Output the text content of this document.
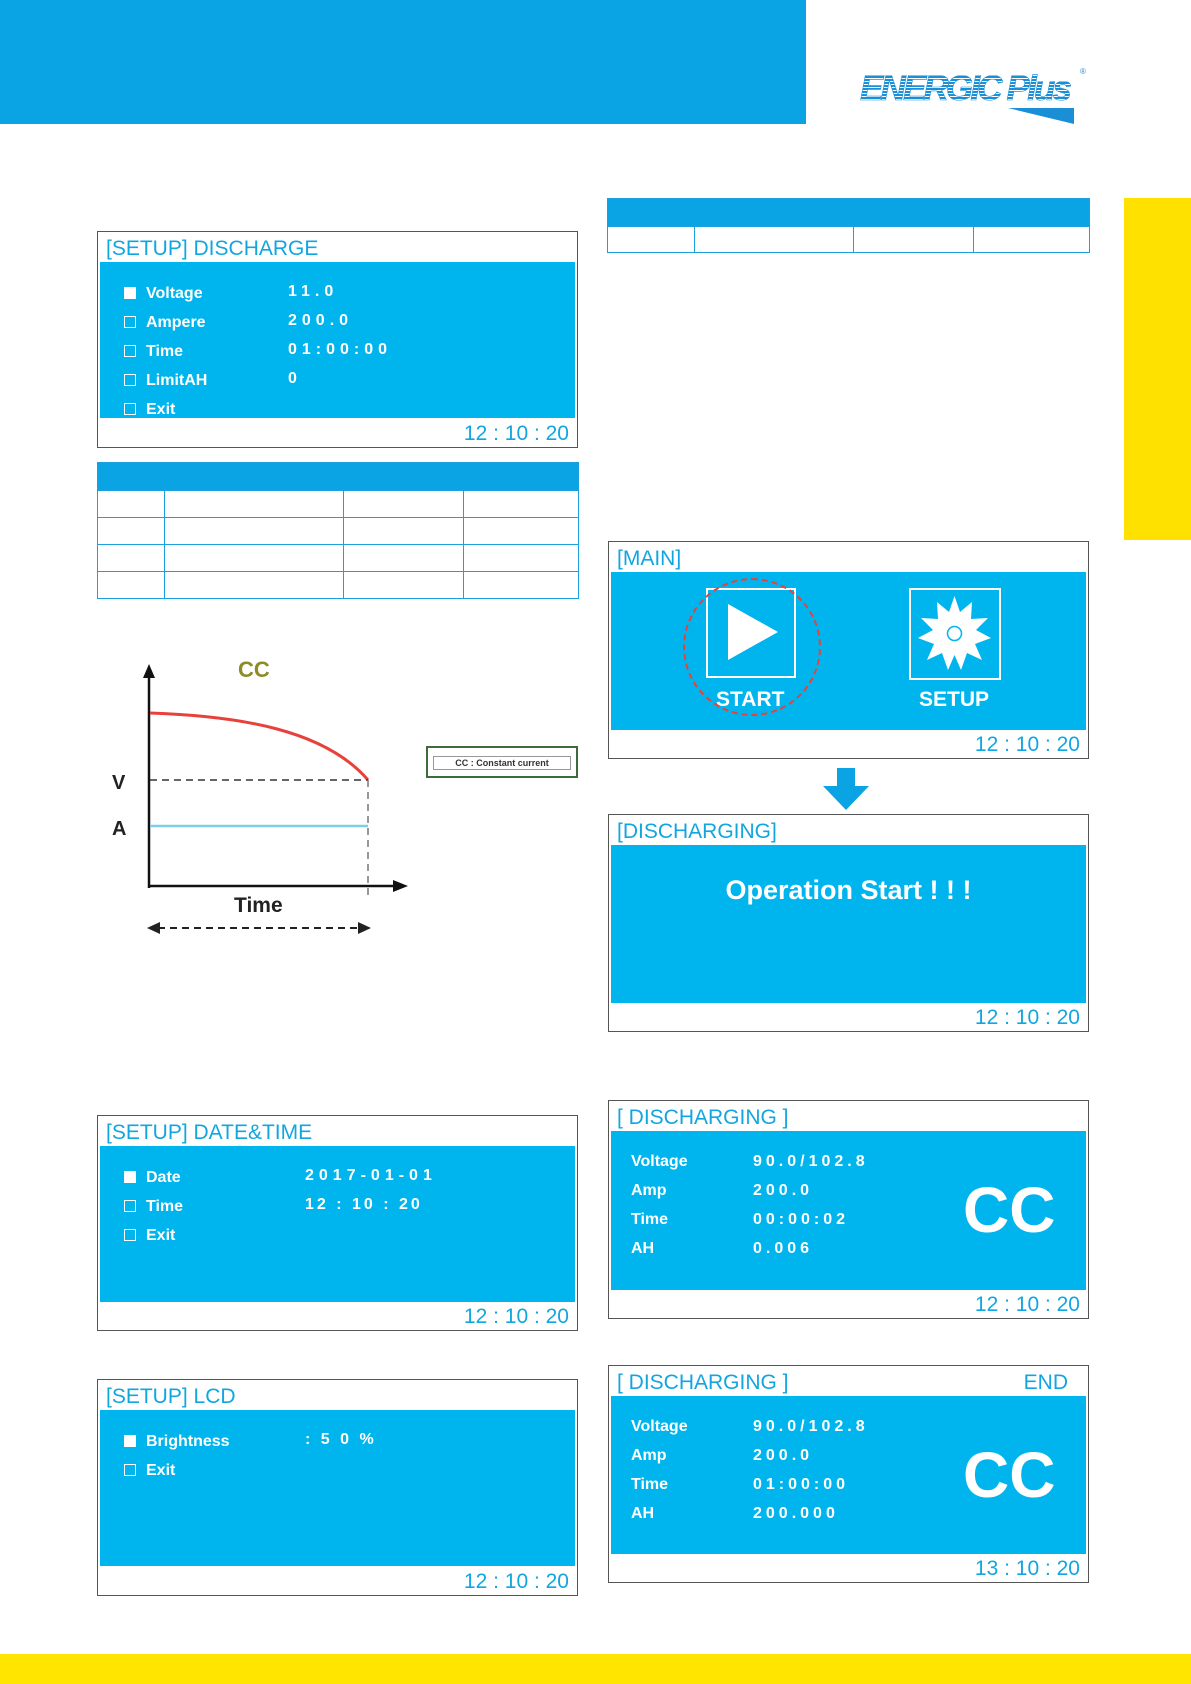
ENERGIC Plus ®
[SETUP] DISCHARGE
Voltage	11.0
Ampere	200.0
Time	01:00:00
LimitAH	0
Exit
12 : 10 : 20

CC
V
A
Time
CC : Constant current
[SETUP] DATE&TIME
Date	2017-01-01
Time	12 : 10 : 20
Exit
12 : 10 : 20
[SETUP] LCD
Brightness	: 5 0 %
Exit
12 : 10 : 20

[MAIN]
START	SETUP
12 : 10 : 20
[DISCHARGING]
Operation Start ! ! !
12 : 10 : 20
[ DISCHARGING ]
Voltage	90.0/102.8
Amp	200.0
Time	00:00:02
AH	0.006
CC
12 : 10 : 20
[ DISCHARGING ]	END
Voltage	90.0/102.8
Amp	200.0
Time	01:00:00
AH	200.000
CC
13 : 10 : 20
